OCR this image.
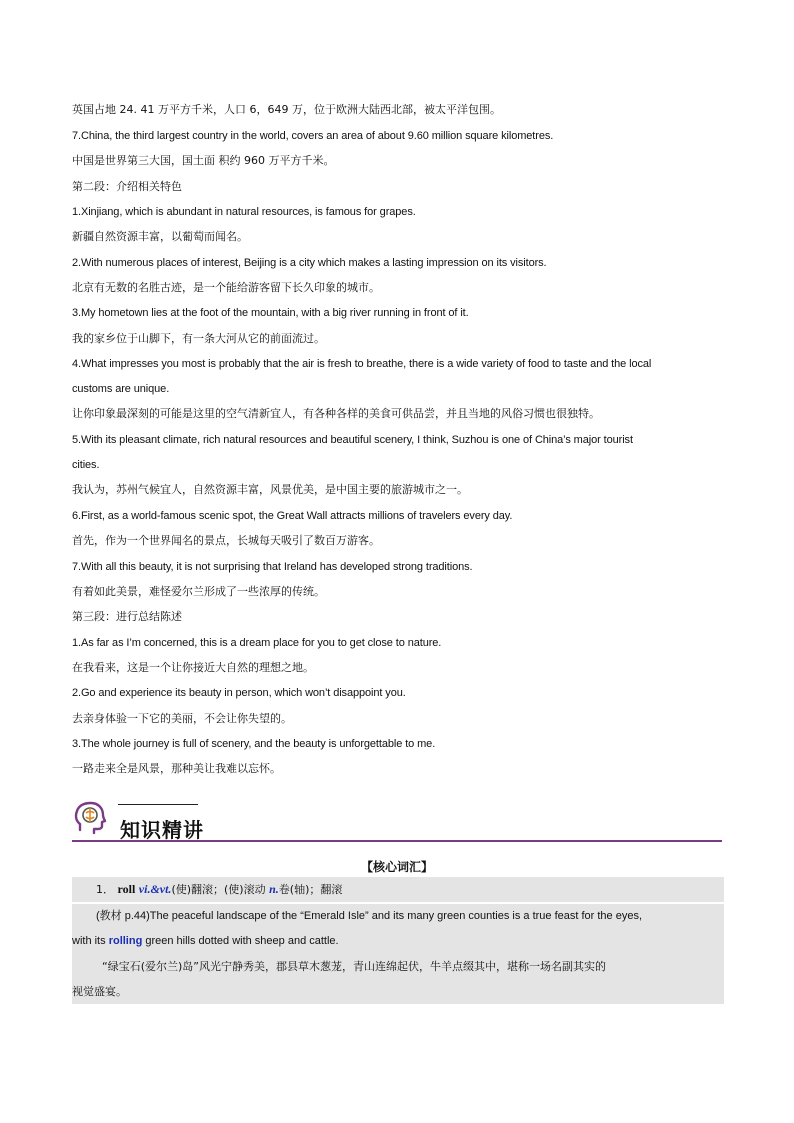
英国占地 24. 41 万平方千米，人口 6，649 万，位于欧洲大陆西北部，被太平洋包围。
7.China, the third largest country in the world, covers an area of about 9.60 million square kilometres.
中国是世界第三大国，国土面 积约 960 万平方千米。
第二段：介绍相关特色
1.Xinjiang, which is abundant in natural resources, is famous for grapes.
新疆自然资源丰富，以葡萄而闻名。
2.With numerous places of interest, Beijing is a city which makes a lasting impression on its visitors.
北京有无数的名胜古迹，是一个能给游客留下长久印象的城市。
3.My hometown lies at the foot of the mountain, with a big river running in front of it.
我的家乡位于山脚下，有一条大河从它的前面流过。
4.What impresses you most is probably that the air is fresh to breathe, there is a wide variety of food to taste and the local
customs are unique.
让你印象最深刻的可能是这里的空气清新宜人，有各种各样的美食可供品尝，并且当地的风俗习惯也很独特。
5.With its pleasant climate, rich natural resources and beautiful scenery, I think, Suzhou is one of China’s major tourist
cities.
我认为，苏州气候宜人，自然资源丰富，风景优美，是中国主要的旅游城市之一。
6.First, as a world-famous scenic spot, the Great Wall attracts millions of travelers every day.
首先，作为一个世界闻名的景点，长城每天吸引了数百万游客。
7.With all this beauty, it is not surprising that Ireland has developed strong traditions.
有着如此美景，难怪爱尔兰形成了一些浓厚的传统。
第三段：进行总结陈述
1.As far as I’m concerned, this is a dream place for you to get close to nature.
在我看来，这是一个让你接近大自然的理想之地。
2.Go and experience its beauty in person, which won’t disappoint you.
去亲身体验一下它的美丽，不会让你失望的。
3.The whole journey is full of scenery, and the beauty is unforgettable to me.
一路走来全是风景，那种美让我难以忘怀。
知识精讲
【核心词汇】
1． roll vi.&vt.(使)翻滚；(使)滚动 n.卷(轴)；翻滚
(教材 p.44)The peaceful landscape of the “Emerald Isle” and its many green counties is a true feast for the eyes,
with its rolling green hills dotted with sheep and cattle.
“绿宝石(爱尔兰)岛”风光宁静秀美，郡县草木葱茏，青山连绵起伏，牛羊点缀其中，堪称一场名副其实的
视觉盛宴。
